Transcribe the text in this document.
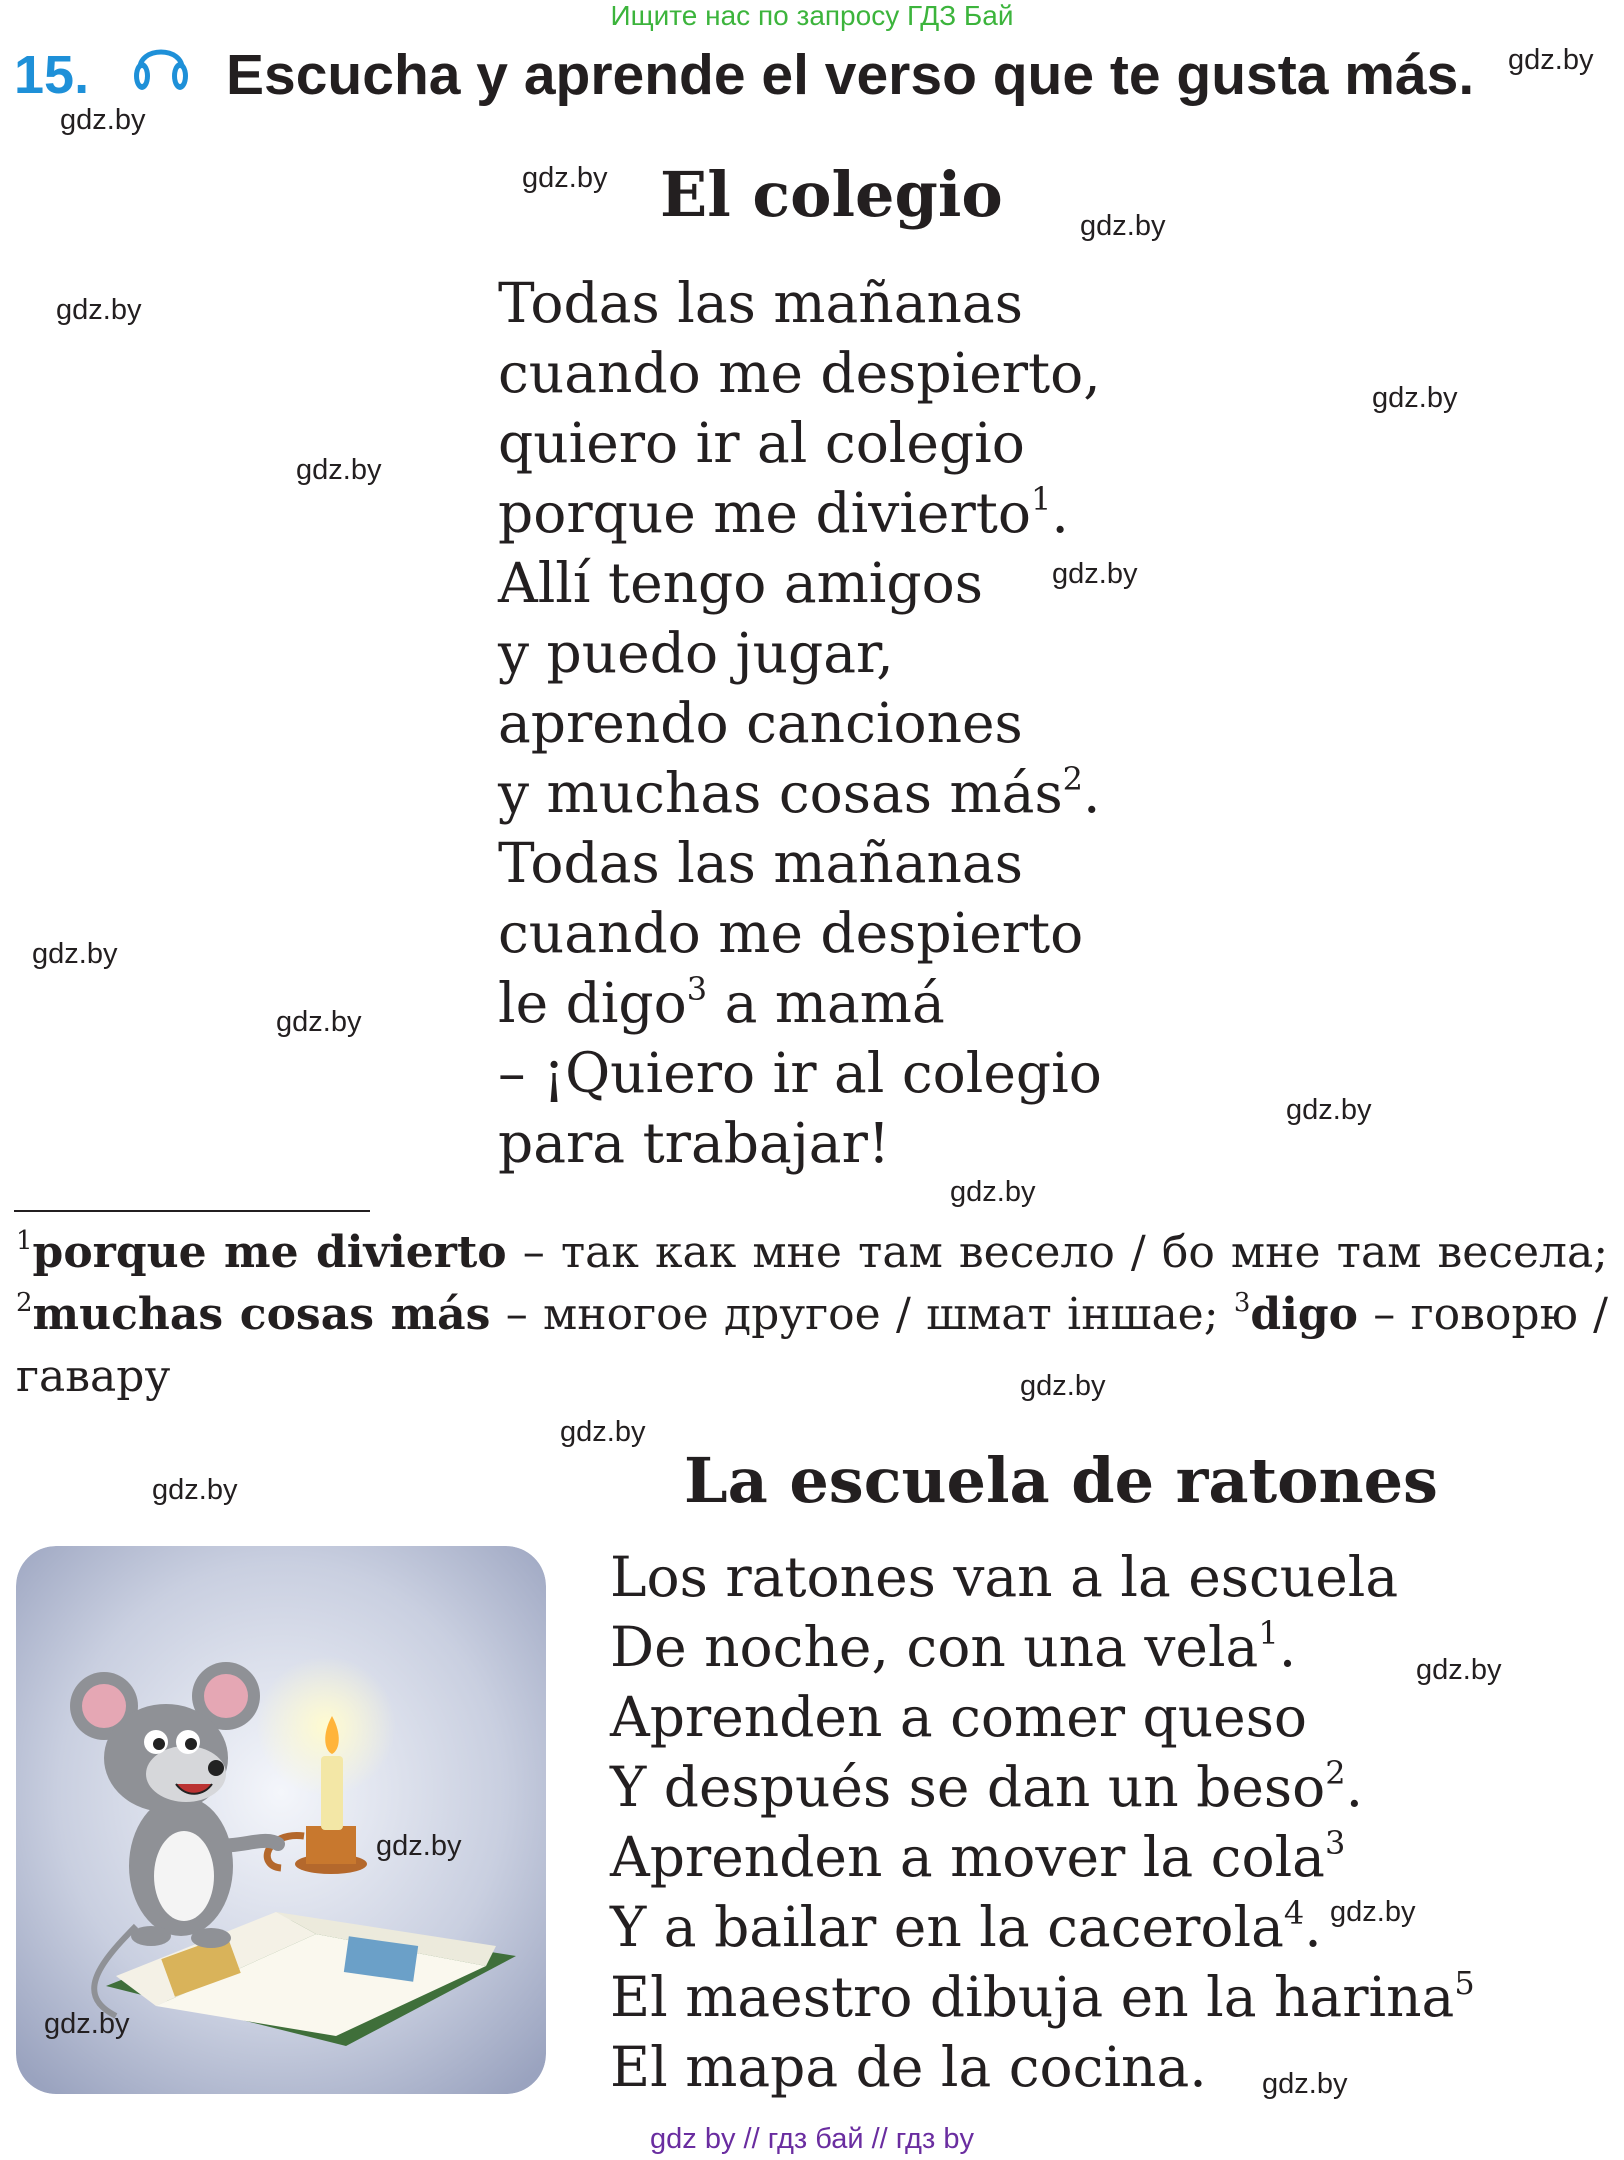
Ищите нас по запросу ГДЗ Бай
15. Escucha y aprende el verso que te gusta más.
El colegio
Todas las mañanas
cuando me despierto,
quiero ir al colegio
porque me divierto$^1$.
Allí tengo amigos
y puedo jugar,
aprendo canciones
y muchas cosas más$^2$.
Todas las mañanas
cuando me despierto
le digo$^3$ a mamá
– ¡Quiero ir al colegio
para trabajar!
$^1$porque me divierto – так как мне там весело / бо мне там весела; $^2$muchas cosas más – многое другое / шмат іншае; $^3$digo – говорю / гавару
La escuela de ratones
Los ratones van a la escuela
De noche, con una vela$^1$.
Aprenden a comer queso
Y después se dan un beso$^2$.
Aprenden a mover la cola$^3$
Y a bailar en la cacerola$^4$.
El maestro dibuja en la harina$^5$
El mapa de la cocina.
gdz.by
gdz.by
gdz.by
gdz.by
gdz.by
gdz.by
gdz.by
gdz.by
gdz.by
gdz.by
gdz.by
gdz.by
gdz.by
gdz.by
gdz.by
gdz.by
gdz.by
gdz.by
gdz.by
gdz.by
gdz by // гдз бай // гдз by
